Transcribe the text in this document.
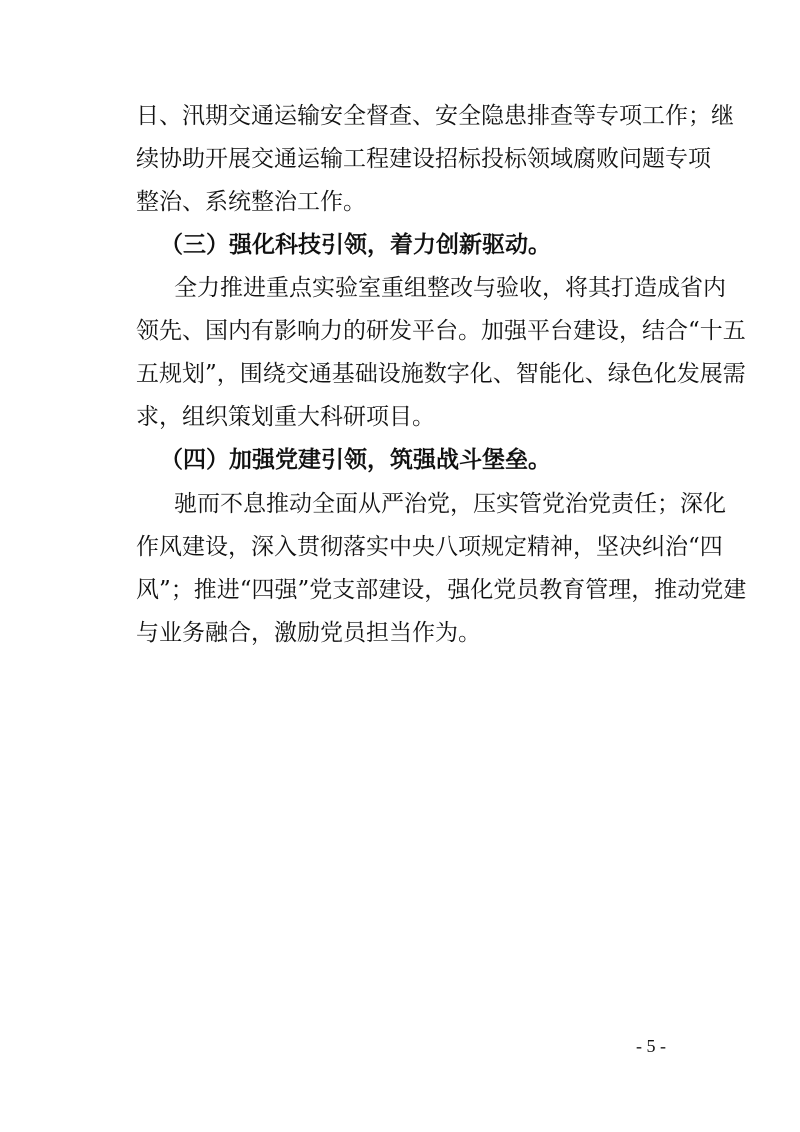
日、汛期交通运输安全督查、安全隐患排查等专项工作；继
续协助开展交通运输工程建设招标投标领域腐败问题专项
整治、系统整治工作。
（三）强化科技引领，着力创新驱动。
全力推进重点实验室重组整改与验收，将其打造成省内
领先、国内有影响力的研发平台。加强平台建设，结合“十五
五规划”，围绕交通基础设施数字化、智能化、绿色化发展需
求，组织策划重大科研项目。
（四）加强党建引领，筑强战斗堡垒。
驰而不息推动全面从严治党，压实管党治党责任；深化
作风建设，深入贯彻落实中央八项规定精神，坚决纠治“四
风”；推进“四强”党支部建设，强化党员教育管理，推动党建
与业务融合，激励党员担当作为。
- 5 -
